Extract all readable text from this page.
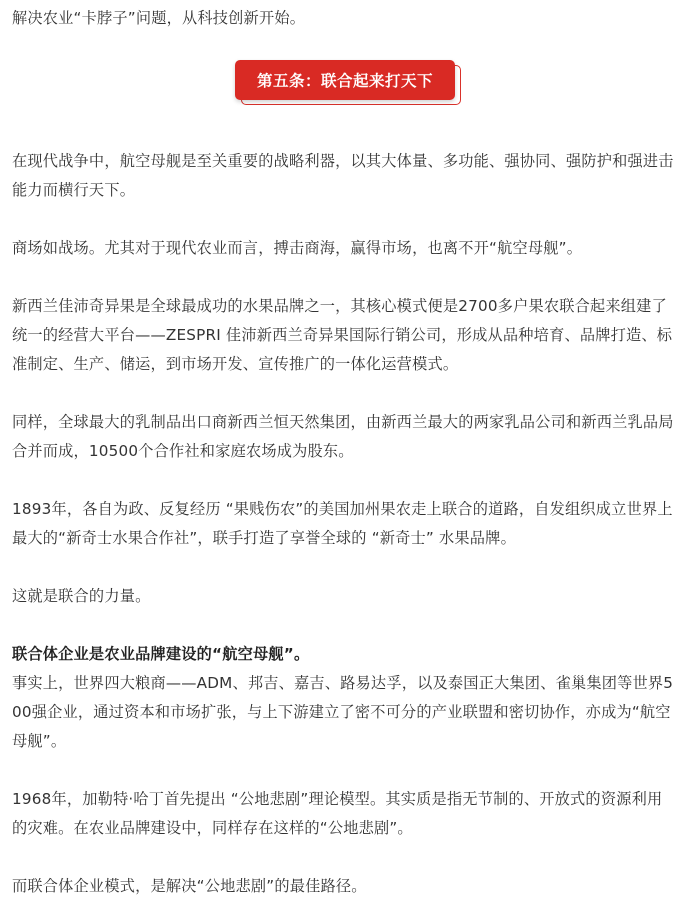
解决农业“卡脖子”问题，从科技创新开始。

第五条：联合起来打天下

在现代战争中，航空母舰是至关重要的战略利器，以其大体量、多功能、强协同、强防护和强进击能力而横行天下。

商场如战场。尤其对于现代农业而言，搏击商海，赢得市场，也离不开“航空母舰”。

新西兰佳沛奇异果是全球最成功的水果品牌之一，其核心模式便是2700多户果农联合起来组建了统一的经营大平台——ZESPRI 佳沛新西兰奇异果国际行销公司，形成从品种培育、品牌打造、标准制定、生产、储运，到市场开发、宣传推广的一体化运营模式。

同样，全球最大的乳制品出口商新西兰恒天然集团，由新西兰最大的两家乳品公司和新西兰乳品局合并而成，10500个合作社和家庭农场成为股东。

1893年，各自为政、反复经历 “果贱伤农”的美国加州果农走上联合的道路，自发组织成立世界上最大的“新奇士水果合作社”，联手打造了享誉全球的 “新奇士” 水果品牌。

这就是联合的力量。

联合体企业是农业品牌建设的“航空母舰”。

事实上，世界四大粮商——ADM、邦吉、嘉吉、路易达孚，以及泰国正大集团、雀巢集团等世界500强企业，通过资本和市场扩张，与上下游建立了密不可分的产业联盟和密切协作，亦成为“航空母舰”。

1968年，加勒特·哈丁首先提出 “公地悲剧”理论模型。其实质是指无节制的、开放式的资源利用的灾难。在农业品牌建设中，同样存在这样的“公地悲剧”。

而联合体企业模式，是解决“公地悲剧”的最佳路径。
